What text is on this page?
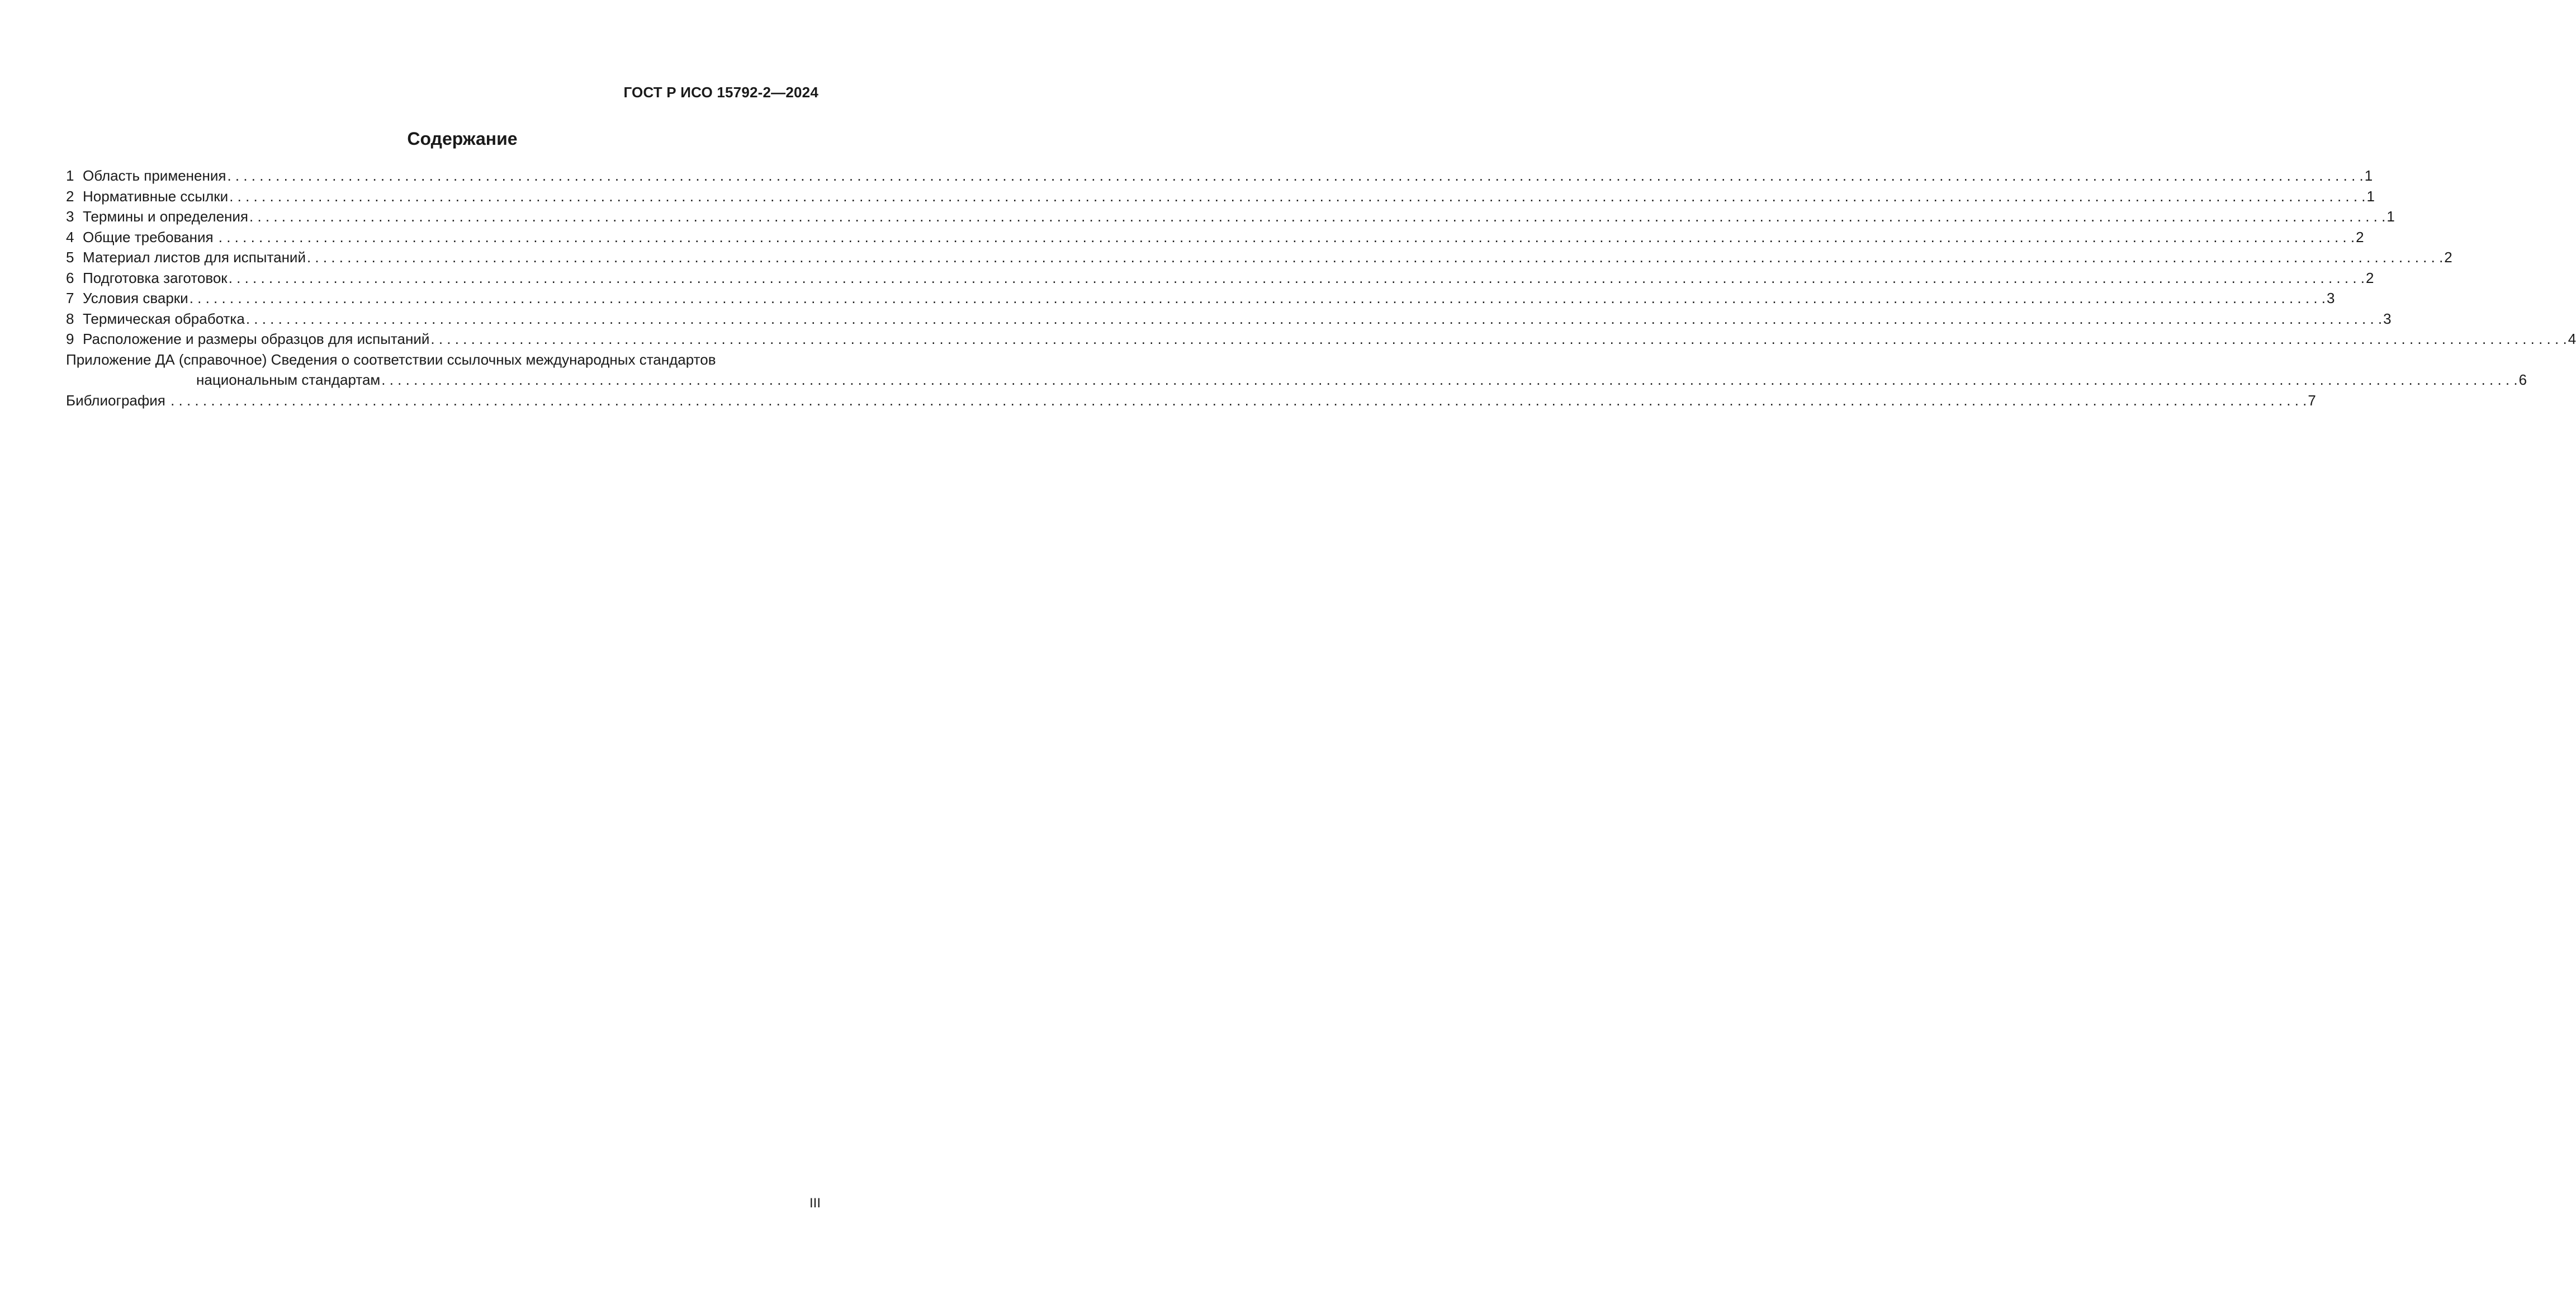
ГОСТ Р ИСО 15792-2—2024
Содержание
1 Область применения . . .	1
2 Нормативные ссылки . . .	1
3 Термины и определения . . .	1
4 Общие требования . . .	2
5 Материал листов для испытаний . . .	2
6 Подготовка заготовок . . .	2
7 Условия сварки . . .	3
8 Термическая обработка . . .	3
9 Расположение и размеры образцов для испытаний . . .	4
Приложение ДА (справочное) Сведения о соответствии ссылочных международных стандартов
национальным стандартам . . .	6
Библиография . . .	7
III
